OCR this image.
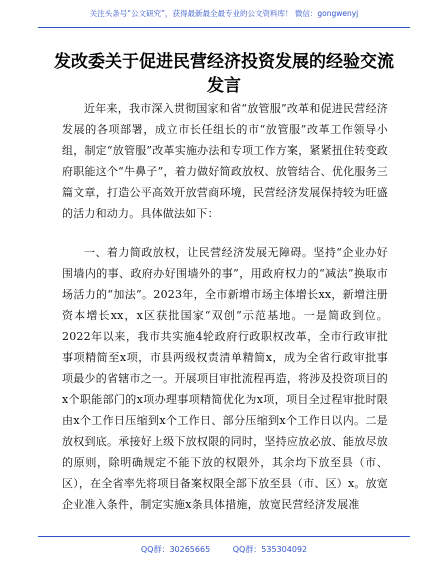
关注头条号“公文研究”，获得最新最全最专业的公文资料库！ 微信：gongwenyj
发改委关于促进民营经济投资发展的经验交流发言

近年来，我市深入贯彻国家和省“放管服”改革和促进民营经济发展的各项部署，成立市长任组长的市“放管服”改革工作领导小组，制定“放管服”改革实施办法和专项工作方案，紧紧扭住转变政府职能这个“牛鼻子”，着力做好简政放权、放管结合、优化服务三篇文章，打造公平高效开放营商环境，民营经济发展保持较为旺盛的活力和动力。具体做法如下：

一、着力简政放权，让民营经济发展无障碍。坚持“企业办好围墙内的事、政府办好围墙外的事”，用政府权力的“减法”换取市场活力的“加法”。2023年，全市新增市场主体增长xx，新增注册资本增长xx，x区获批国家“双创”示范基地。一是简政到位。2022年以来，我市共实施4轮政府行政职权改革，全市行政审批事项精简至x项，市县两级权责清单精简x，成为全省行政审批事项最少的省辖市之一。开展项目审批流程再造，将涉及投资项目的x个职能部门的x项办理事项精简优化为x项，项目全过程审批时限由x个工作日压缩到x个工作日、部分压缩到x个工作日以内。二是放权到底。承接好上级下放权限的同时，坚持应放必放、能放尽放的原则，除明确规定不能下放的权限外，其余均下放至县（市、区），在全省率先将项目备案权限全部下放至县（市、区）x。放宽企业准入条件，制定实施x条具体措施，放宽民营经济发展准

QQ群：30265665	QQ群：535304092
